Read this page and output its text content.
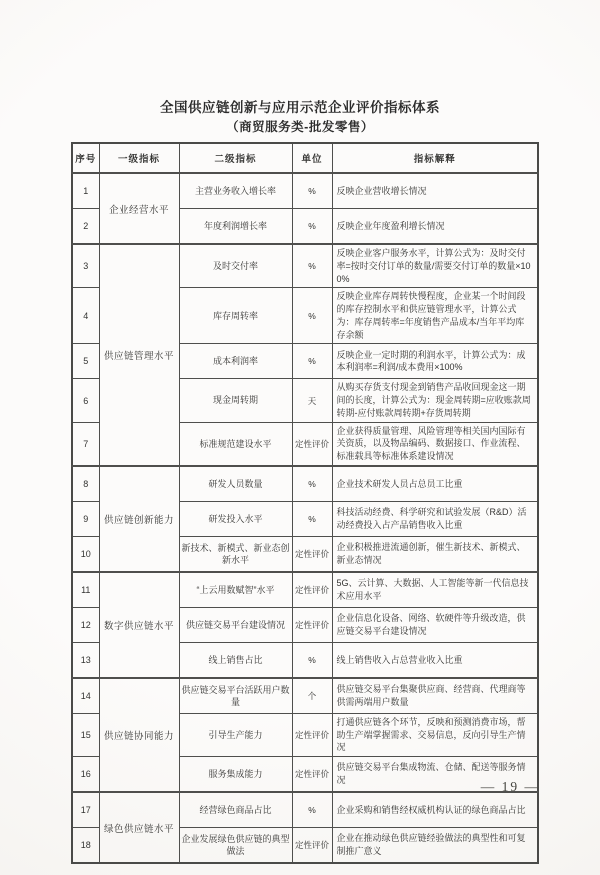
全国供应链创新与应用示范企业评价指标体系
（商贸服务类-批发零售）
序号	一级指标	二级指标	单位	指标解释
1	企业经营水平	主营业务收入增长率	%	反映企业营收增长情况
2		年度利润增长率	%	反映企业年度盈利增长情况
3	供应链管理水平	及时交付率	%	反映企业客户服务水平，计算公式为：及时交付率=按时交付订单的数量/需要交付订单的数量×100%
4		库存周转率	%	反映企业库存周转快慢程度，企业某一个时间段的库存控制水平和供应链管理水平，计算公式为：库存周转率=年度销售产品成本/当年平均库存余额
5		成本利润率	%	反映企业一定时期的利润水平，计算公式为：成本利润率=利润/成本费用×100%
6		现金周转期	天	从购买存货支付现金到销售产品收回现金这一期间的长度，计算公式为：现金周转期=应收账款周转期-应付账款周转期+存货周转期
7		标准规范建设水平	定性评价	企业获得质量管理、风险管理等相关国内国际有关资质，以及物品编码、数据接口、作业流程、标准载具等标准体系建设情况
8	供应链创新能力	研发人员数量	%	企业技术研发人员占总员工比重
9		研发投入水平	%	科技活动经费、科学研究和试验发展（R&D）活动经费投入占产品销售收入比重
10		新技术、新模式、新业态创新水平	定性评价	企业积极推进流通创新，催生新技术、新模式、新业态情况
11	数字供应链水平	“上云用数赋智”水平	定性评价	5G、云计算、大数据、人工智能等新一代信息技术应用水平
12		供应链交易平台建设情况	定性评价	企业信息化设备、网络、软硬件等升级改造，供应链交易平台建设情况
13		线上销售占比	%	线上销售收入占总营业收入比重
14	供应链协同能力	供应链交易平台活跃用户数量	个	供应链交易平台集聚供应商、经营商、代理商等供需两端用户数量
15		引导生产能力	定性评价	打通供应链各个环节，反映和预测消费市场，帮助生产端掌握需求、交易信息，反向引导生产情况
16		服务集成能力	定性评价	供应链交易平台集成物流、仓储、配送等服务情况
17	绿色供应链水平	经营绿色商品占比	%	企业采购和销售经权威机构认证的绿色商品占比
18		企业发展绿色供应链的典型做法	定性评价	企业在推动绿色供应链经验做法的典型性和可复制推广意义
— 19 —
